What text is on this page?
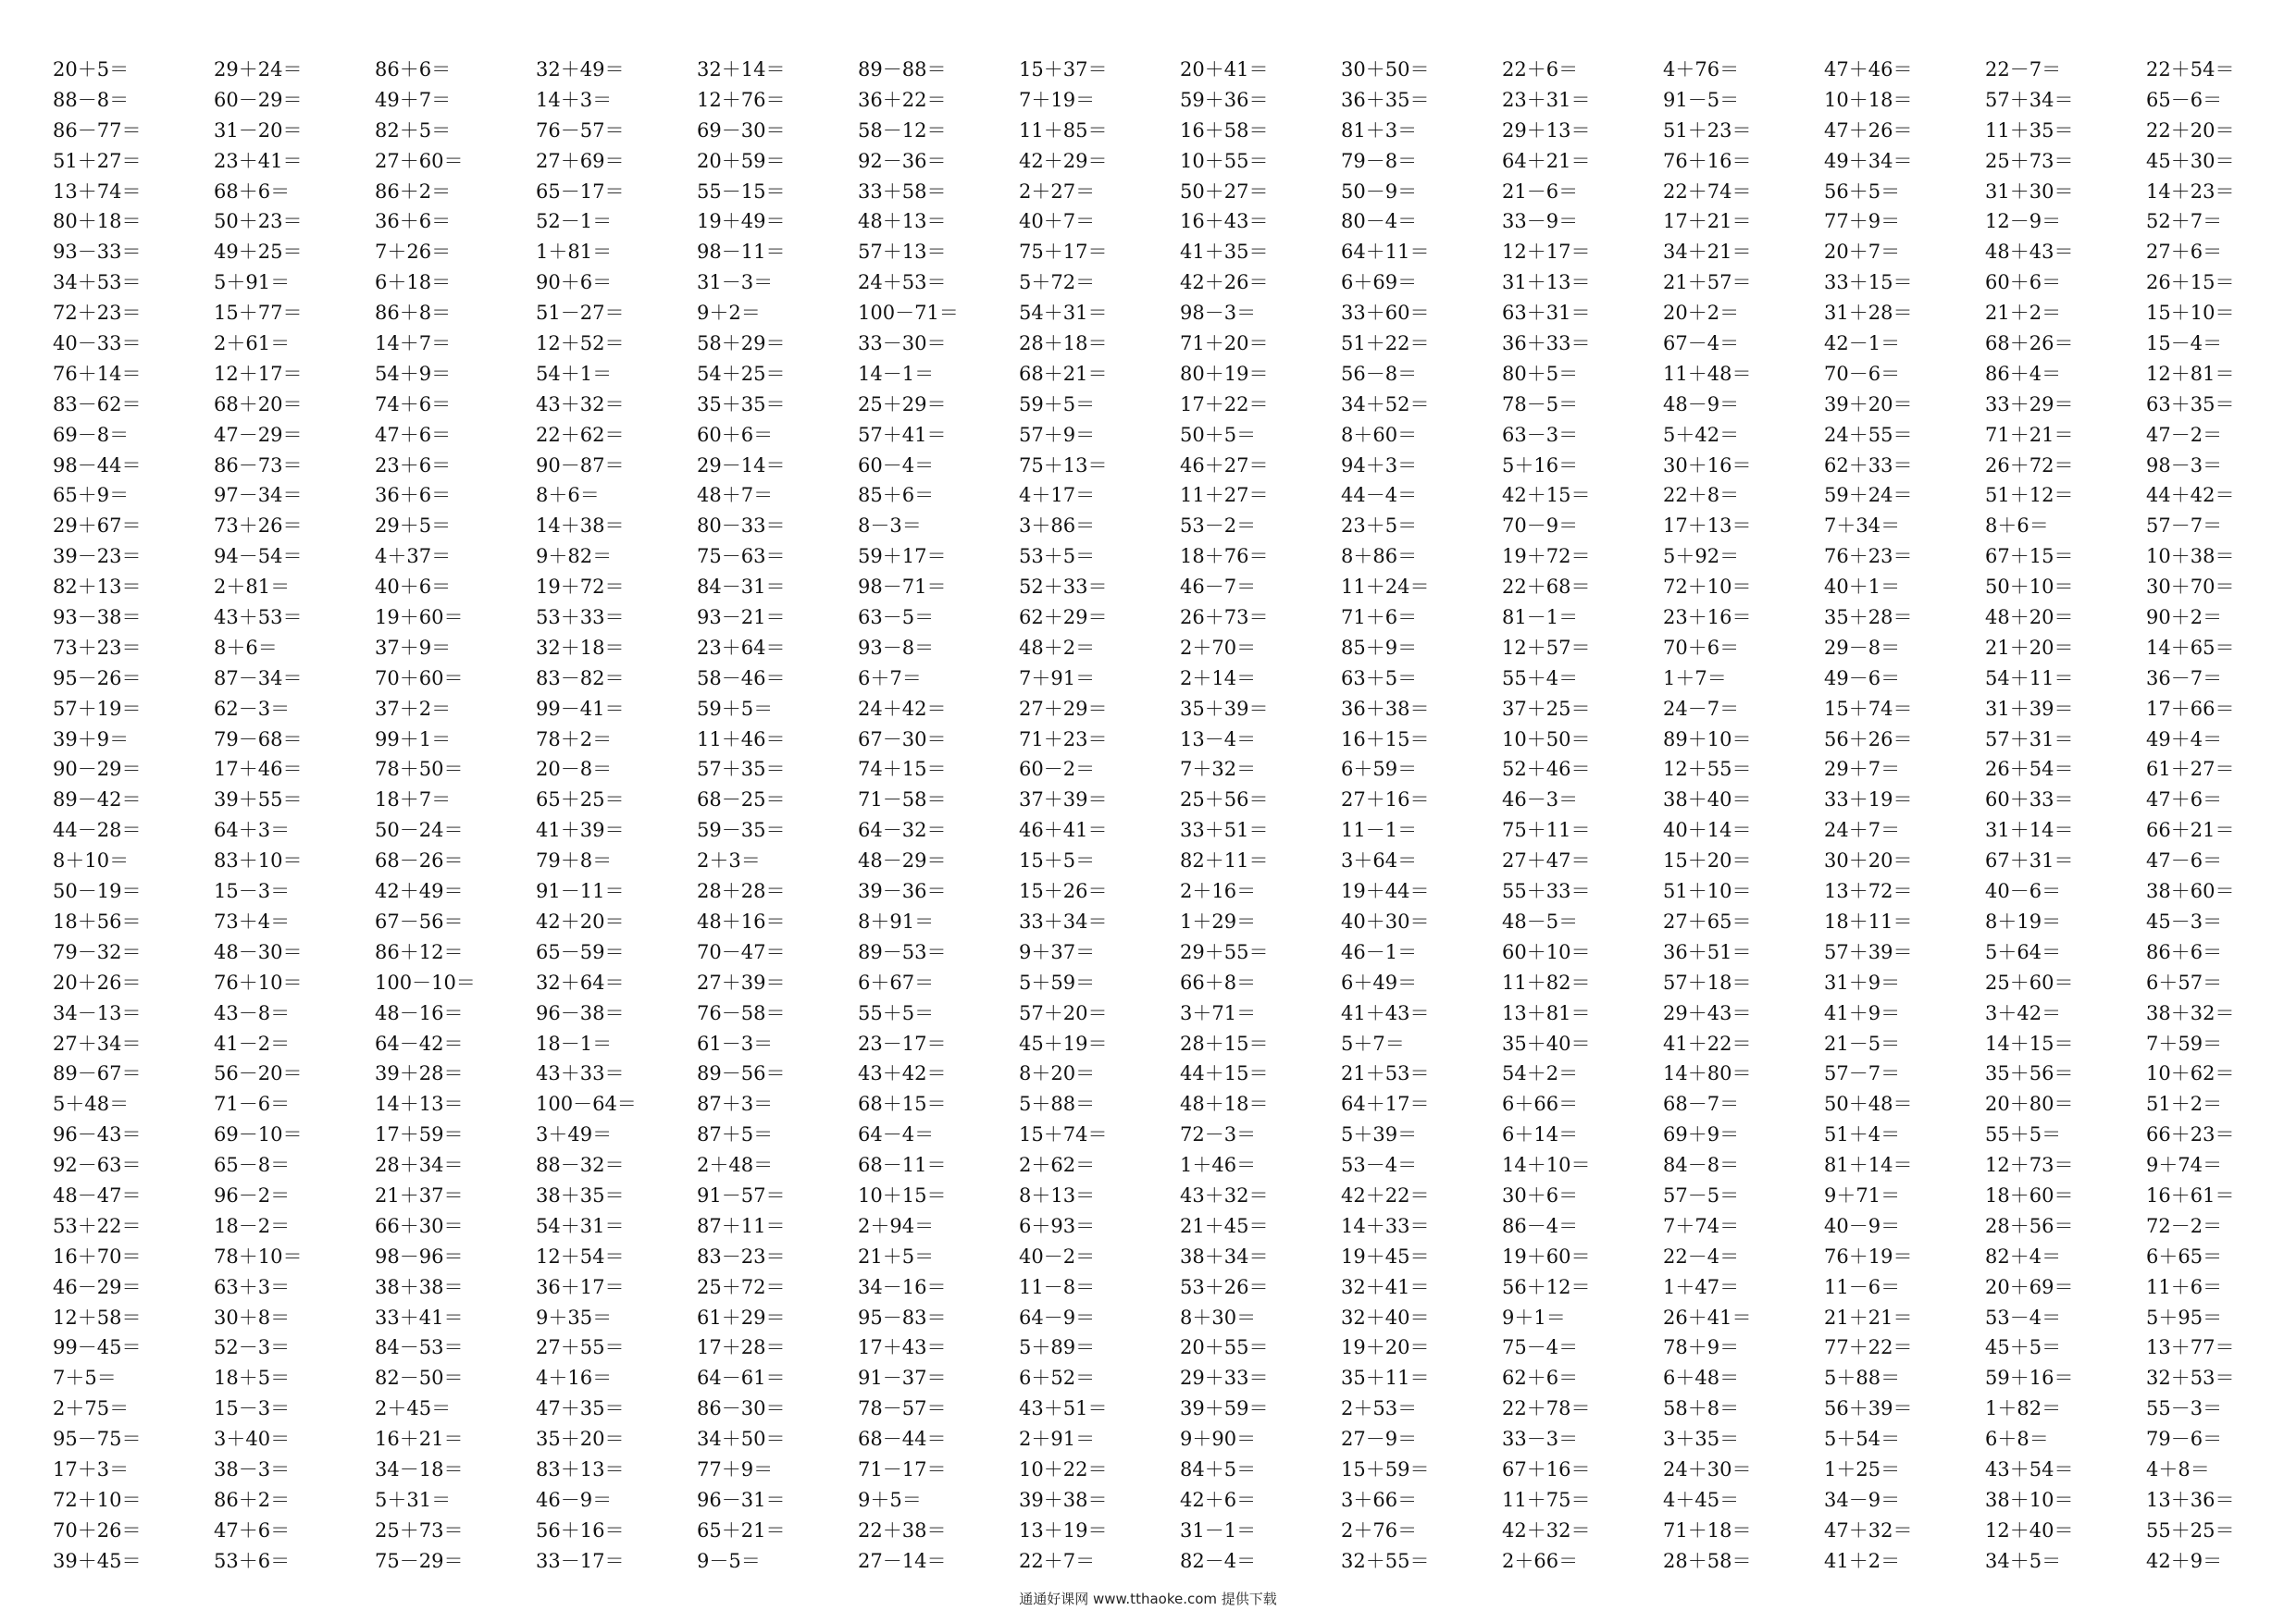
20＋5＝	29＋24＝	86＋6＝	32＋49＝	32＋14＝	89－88＝	15＋37＝	20＋41＝	30＋50＝	22＋6＝	4＋76＝	47＋46＝	22－7＝	22＋54＝
88－8＝	60－29＝	49＋7＝	14＋3＝	12＋76＝	36＋22＝	7＋19＝	59＋36＝	36＋35＝	23＋31＝	91－5＝	10＋18＝	57＋34＝	65－6＝
86－77＝	31－20＝	82＋5＝	76－57＝	69－30＝	58－12＝	11＋85＝	16＋58＝	81＋3＝	29＋13＝	51＋23＝	47＋26＝	11＋35＝	22＋20＝
51＋27＝	23＋41＝	27＋60＝	27＋69＝	20＋59＝	92－36＝	42＋29＝	10＋55＝	79－8＝	64＋21＝	76＋16＝	49＋34＝	25＋73＝	45＋30＝
13＋74＝	68＋6＝	86＋2＝	65－17＝	55－15＝	33＋58＝	2＋27＝	50＋27＝	50－9＝	21－6＝	22＋74＝	56＋5＝	31＋30＝	14＋23＝
80＋18＝	50＋23＝	36＋6＝	52－1＝	19＋49＝	48＋13＝	40＋7＝	16＋43＝	80－4＝	33－9＝	17＋21＝	77＋9＝	12－9＝	52＋7＝
93－33＝	49＋25＝	7＋26＝	1＋81＝	98－11＝	57＋13＝	75＋17＝	41＋35＝	64＋11＝	12＋17＝	34＋21＝	20＋7＝	48＋43＝	27＋6＝
34＋53＝	5＋91＝	6＋18＝	90＋6＝	31－3＝	24＋53＝	5＋72＝	42＋26＝	6＋69＝	31＋13＝	21＋57＝	33＋15＝	60＋6＝	26＋15＝
72＋23＝	15＋77＝	86＋8＝	51－27＝	9＋2＝	100－71＝	54＋31＝	98－3＝	33＋60＝	63＋31＝	20＋2＝	31＋28＝	21＋2＝	15＋10＝
40－33＝	2＋61＝	14＋7＝	12＋52＝	58＋29＝	33－30＝	28＋18＝	71＋20＝	51＋22＝	36＋33＝	67－4＝	42－1＝	68＋26＝	15－4＝
76＋14＝	12＋17＝	54＋9＝	54＋1＝	54＋25＝	14－1＝	68＋21＝	80＋19＝	56－8＝	80＋5＝	11＋48＝	70－6＝	86＋4＝	12＋81＝
83－62＝	68＋20＝	74＋6＝	43＋32＝	35＋35＝	25＋29＝	59＋5＝	17＋22＝	34＋52＝	78－5＝	48－9＝	39＋20＝	33＋29＝	63＋35＝
69－8＝	47－29＝	47＋6＝	22＋62＝	60＋6＝	57＋41＝	57＋9＝	50＋5＝	8＋60＝	63－3＝	5＋42＝	24＋55＝	71＋21＝	47－2＝
98－44＝	86－73＝	23＋6＝	90－87＝	29－14＝	60－4＝	75＋13＝	46＋27＝	94＋3＝	5＋16＝	30＋16＝	62＋33＝	26＋72＝	98－3＝
65＋9＝	97－34＝	36＋6＝	8＋6＝	48＋7＝	85＋6＝	4＋17＝	11＋27＝	44－4＝	42＋15＝	22＋8＝	59＋24＝	51＋12＝	44＋42＝
29＋67＝	73＋26＝	29＋5＝	14＋38＝	80－33＝	8－3＝	3＋86＝	53－2＝	23＋5＝	70－9＝	17＋13＝	7＋34＝	8＋6＝	57－7＝
39－23＝	94－54＝	4＋37＝	9＋82＝	75－63＝	59＋17＝	53＋5＝	18＋76＝	8＋86＝	19＋72＝	5＋92＝	76＋23＝	67＋15＝	10＋38＝
82＋13＝	2＋81＝	40＋6＝	19＋72＝	84－31＝	98－71＝	52＋33＝	46－7＝	11＋24＝	22＋68＝	72＋10＝	40＋1＝	50＋10＝	30＋70＝
93－38＝	43＋53＝	19＋60＝	53＋33＝	93－21＝	63－5＝	62＋29＝	26＋73＝	71＋6＝	81－1＝	23＋16＝	35＋28＝	48＋20＝	90＋2＝
73＋23＝	8＋6＝	37＋9＝	32＋18＝	23＋64＝	93－8＝	48＋2＝	2＋70＝	85＋9＝	12＋57＝	70＋6＝	29－8＝	21＋20＝	14＋65＝
95－26＝	87－34＝	70＋60＝	83－82＝	58－46＝	6＋7＝	7＋91＝	2＋14＝	63＋5＝	55＋4＝	1＋7＝	49－6＝	54＋11＝	36－7＝
57＋19＝	62－3＝	37＋2＝	99－41＝	59＋5＝	24＋42＝	27＋29＝	35＋39＝	36＋38＝	37＋25＝	24－7＝	15＋74＝	31＋39＝	17＋66＝
39＋9＝	79－68＝	99＋1＝	78＋2＝	11＋46＝	67－30＝	71＋23＝	13－4＝	16＋15＝	10＋50＝	89＋10＝	56＋26＝	57＋31＝	49＋4＝
90－29＝	17＋46＝	78＋50＝	20－8＝	57＋35＝	74＋15＝	60－2＝	7＋32＝	6＋59＝	52＋46＝	12＋55＝	29＋7＝	26＋54＝	61＋27＝
89－42＝	39＋55＝	18＋7＝	65＋25＝	68－25＝	71－58＝	37＋39＝	25＋56＝	27＋16＝	46－3＝	38＋40＝	33＋19＝	60＋33＝	47＋6＝
44－28＝	64＋3＝	50－24＝	41＋39＝	59－35＝	64－32＝	46＋41＝	33＋51＝	11－1＝	75＋11＝	40＋14＝	24＋7＝	31＋14＝	66＋21＝
8＋10＝	83＋10＝	68－26＝	79＋8＝	2＋3＝	48－29＝	15＋5＝	82＋11＝	3＋64＝	27＋47＝	15＋20＝	30＋20＝	67＋31＝	47－6＝
50－19＝	15－3＝	42＋49＝	91－11＝	28＋28＝	39－36＝	15＋26＝	2＋16＝	19＋44＝	55＋33＝	51＋10＝	13＋72＝	40－6＝	38＋60＝
18＋56＝	73＋4＝	67－56＝	42＋20＝	48＋16＝	8＋91＝	33＋34＝	1＋29＝	40＋30＝	48－5＝	27＋65＝	18＋11＝	8＋19＝	45－3＝
79－32＝	48－30＝	86＋12＝	65－59＝	70－47＝	89－53＝	9＋37＝	29＋55＝	46－1＝	60＋10＝	36＋51＝	57＋39＝	5＋64＝	86＋6＝
20＋26＝	76＋10＝	100－10＝	32＋64＝	27＋39＝	6＋67＝	5＋59＝	66＋8＝	6＋49＝	11＋82＝	57＋18＝	31＋9＝	25＋60＝	6＋57＝
34－13＝	43－8＝	48－16＝	96－38＝	76－58＝	55＋5＝	57＋20＝	3＋71＝	41＋43＝	13＋81＝	29＋43＝	41＋9＝	3＋42＝	38＋32＝
27＋34＝	41－2＝	64－42＝	18－1＝	61－3＝	23－17＝	45＋19＝	28＋15＝	5＋7＝	35＋40＝	41＋22＝	21－5＝	14＋15＝	7＋59＝
89－67＝	56－20＝	39＋28＝	43＋33＝	89－56＝	43＋42＝	8＋20＝	44＋15＝	21＋53＝	54＋2＝	14＋80＝	57－7＝	35＋56＝	10＋62＝
5＋48＝	71－6＝	14＋13＝	100－64＝	87＋3＝	68＋15＝	5＋88＝	48＋18＝	64＋17＝	6＋66＝	68－7＝	50＋48＝	20＋80＝	51＋2＝
96－43＝	69－10＝	17＋59＝	3＋49＝	87＋5＝	64－4＝	15＋74＝	72－3＝	5＋39＝	6＋14＝	69＋9＝	51＋4＝	55＋5＝	66＋23＝
92－63＝	65－8＝	28＋34＝	88－32＝	2＋48＝	68－11＝	2＋62＝	1＋46＝	53－4＝	14＋10＝	84－8＝	81＋14＝	12＋73＝	9＋74＝
48－47＝	96－2＝	21＋37＝	38＋35＝	91－57＝	10＋15＝	8＋13＝	43＋32＝	42＋22＝	30＋6＝	57－5＝	9＋71＝	18＋60＝	16＋61＝
53＋22＝	18－2＝	66＋30＝	54＋31＝	87＋11＝	2＋94＝	6＋93＝	21＋45＝	14＋33＝	86－4＝	7＋74＝	40－9＝	28＋56＝	72－2＝
16＋70＝	78＋10＝	98－96＝	12＋54＝	83－23＝	21＋5＝	40－2＝	38＋34＝	19＋45＝	19＋60＝	22－4＝	76＋19＝	82＋4＝	6＋65＝
46－29＝	63＋3＝	38＋38＝	36＋17＝	25＋72＝	34－16＝	11－8＝	53＋26＝	32＋41＝	56＋12＝	1＋47＝	11－6＝	20＋69＝	11＋6＝
12＋58＝	30＋8＝	33＋41＝	9＋35＝	61＋29＝	95－83＝	64－9＝	8＋30＝	32＋40＝	9＋1＝	26＋41＝	21＋21＝	53－4＝	5＋95＝
99－45＝	52－3＝	84－53＝	27＋55＝	17＋28＝	17＋43＝	5＋89＝	20＋55＝	19＋20＝	75－4＝	78＋9＝	77＋22＝	45＋5＝	13＋77＝
7＋5＝	18＋5＝	82－50＝	4＋16＝	64－61＝	91－37＝	6＋52＝	29＋33＝	35＋11＝	62＋6＝	6＋48＝	5＋88＝	59＋16＝	32＋53＝
2＋75＝	15－3＝	2＋45＝	47＋35＝	86－30＝	78－57＝	43＋51＝	39＋59＝	2＋53＝	22＋78＝	58＋8＝	56＋39＝	1＋82＝	55－3＝
95－75＝	3＋40＝	16＋21＝	35＋20＝	34＋50＝	68－44＝	2＋91＝	9＋90＝	27－9＝	33－3＝	3＋35＝	5＋54＝	6＋8＝	79－6＝
17＋3＝	38－3＝	34－18＝	83＋13＝	77＋9＝	71－17＝	10＋22＝	84＋5＝	15＋59＝	67＋16＝	24＋30＝	1＋25＝	43＋54＝	4＋8＝
72＋10＝	86＋2＝	5＋31＝	46－9＝	96－31＝	9＋5＝	39＋38＝	42＋6＝	3＋66＝	11＋75＝	4＋45＝	34－9＝	38＋10＝	13＋36＝
70＋26＝	47＋6＝	25＋73＝	56＋16＝	65＋21＝	22＋38＝	13＋19＝	31－1＝	2＋76＝	42＋32＝	71＋18＝	47＋32＝	12＋40＝	55＋25＝
39＋45＝	53＋6＝	75－29＝	33－17＝	9－5＝	27－14＝	22＋7＝	82－4＝	32＋55＝	2＋66＝	28＋58＝	41＋2＝	34＋5＝	42＋9＝
通通好课网 www.tthaoke.com 提供下载
